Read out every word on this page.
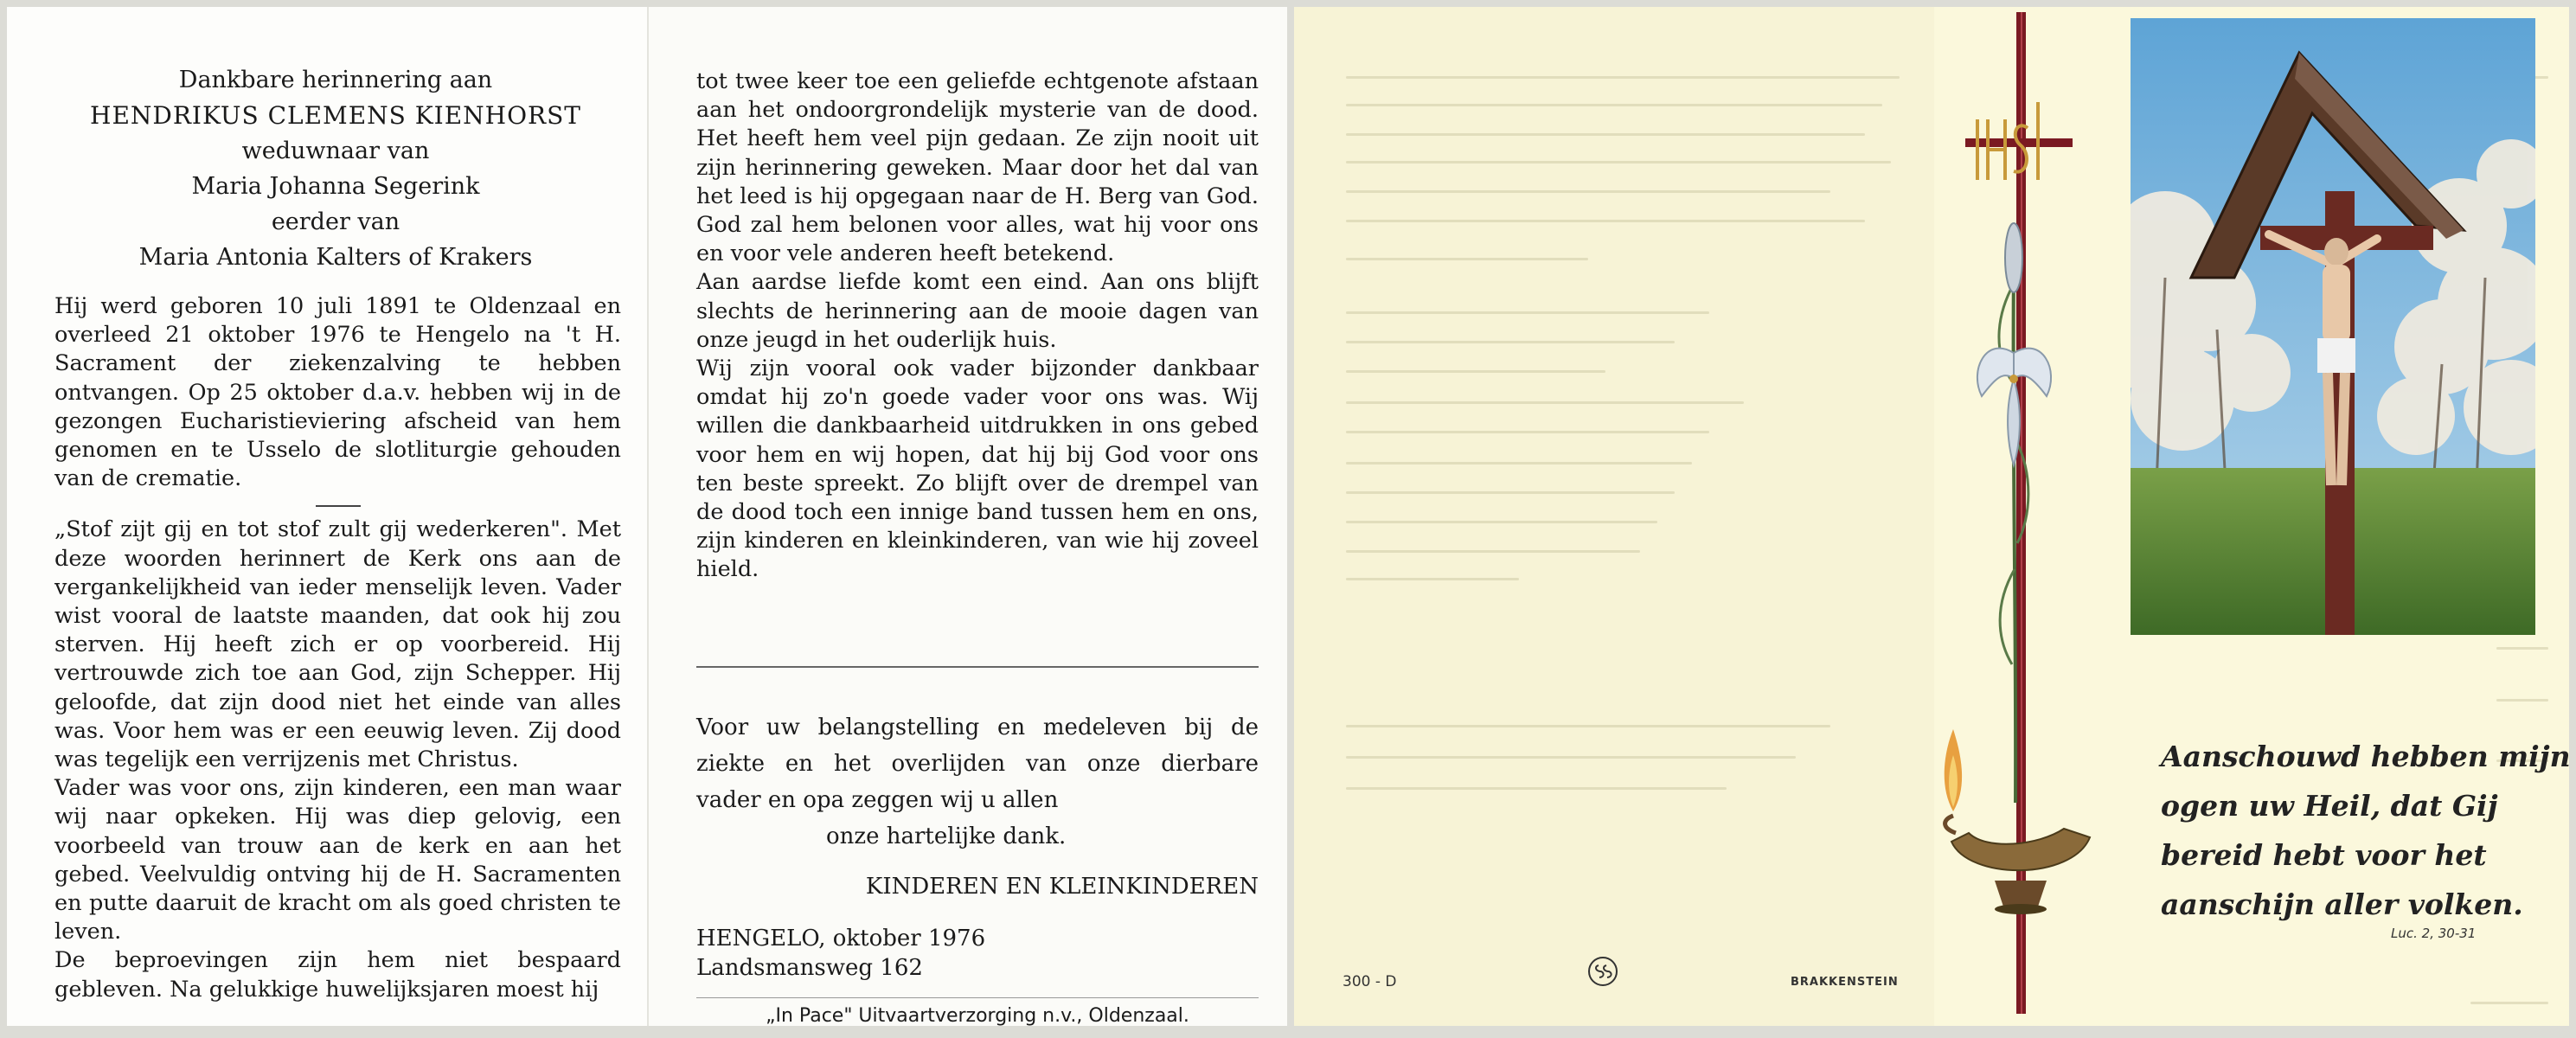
Dankbare herinnering aan
HENDRIKUS CLEMENS KIENHORST
weduwnaar van
Maria Johanna Segerink
eerder van
Maria Antonia Kalters of Krakers

Hij werd geboren 10 juli 1891 te Oldenzaal en overleed 21 oktober 1976 te Hengelo na 't H. Sacrament der ziekenzalving te hebben ontvangen. Op 25 oktober d.a.v. hebben wij in de gezongen Eucharistieviering afscheid van hem genomen en te Usselo de slotliturgie gehouden van de crematie.

„Stof zijt gij en tot stof zult gij wederkeren". Met deze woorden herinnert de Kerk ons aan de vergankelijkheid van ieder menselijk leven. Vader wist vooral de laatste maanden, dat ook hij zou sterven. Hij heeft zich er op voorbereid. Hij vertrouwde zich toe aan God, zijn Schepper. Hij geloofde, dat zijn dood niet het einde van alles was. Voor hem was er een eeuwig leven. Zij dood was tegelijk een verrijzenis met Christus.

Vader was voor ons, zijn kinderen, een man waar wij naar opkeken. Hij was diep gelovig, een voorbeeld van trouw aan de kerk en aan het gebed. Veelvuldig ontving hij de H. Sacramenten en putte daaruit de kracht om als goed christen te leven.

De beproevingen zijn hem niet bespaard gebleven. Na gelukkige huwelijksjaren moest hij

tot twee keer toe een geliefde echtgenote afstaan aan het ondoorgrondelijk mysterie van de dood. Het heeft hem veel pijn gedaan. Ze zijn nooit uit zijn herinnering geweken. Maar door het dal van het leed is hij opgegaan naar de H. Berg van God. God zal hem belonen voor alles, wat hij voor ons en voor vele anderen heeft betekend.

Aan aardse liefde komt een eind. Aan ons blijft slechts de herinnering aan de mooie dagen van onze jeugd in het ouderlijk huis.

Wij zijn vooral ook vader bijzonder dankbaar omdat hij zo'n goede vader voor ons was. Wij willen die dankbaarheid uitdrukken in ons gebed voor hem en wij hopen, dat hij bij God voor ons ten beste spreekt. Zo blijft over de drempel van de dood toch een innige band tussen hem en ons, zijn kinderen en kleinkinderen, van wie hij zoveel hield.

Voor uw belangstelling en medeleven bij de

ziekte en het overlijden van onze dierbare

vader en opa zeggen wij u allen

onze hartelijke dank.

KINDEREN EN KLEINKINDEREN
HENGELO, oktober 1976
Landsmansweg 162
„In Pace" Uitvaartverzorging n.v., Oldenzaal.
300 - D	BRAKKENSTEIN
Aanschouwd hebben mijn
ogen uw Heil, dat Gij
bereid hebt voor het
aanschijn aller volken.
Luc. 2, 30-31
